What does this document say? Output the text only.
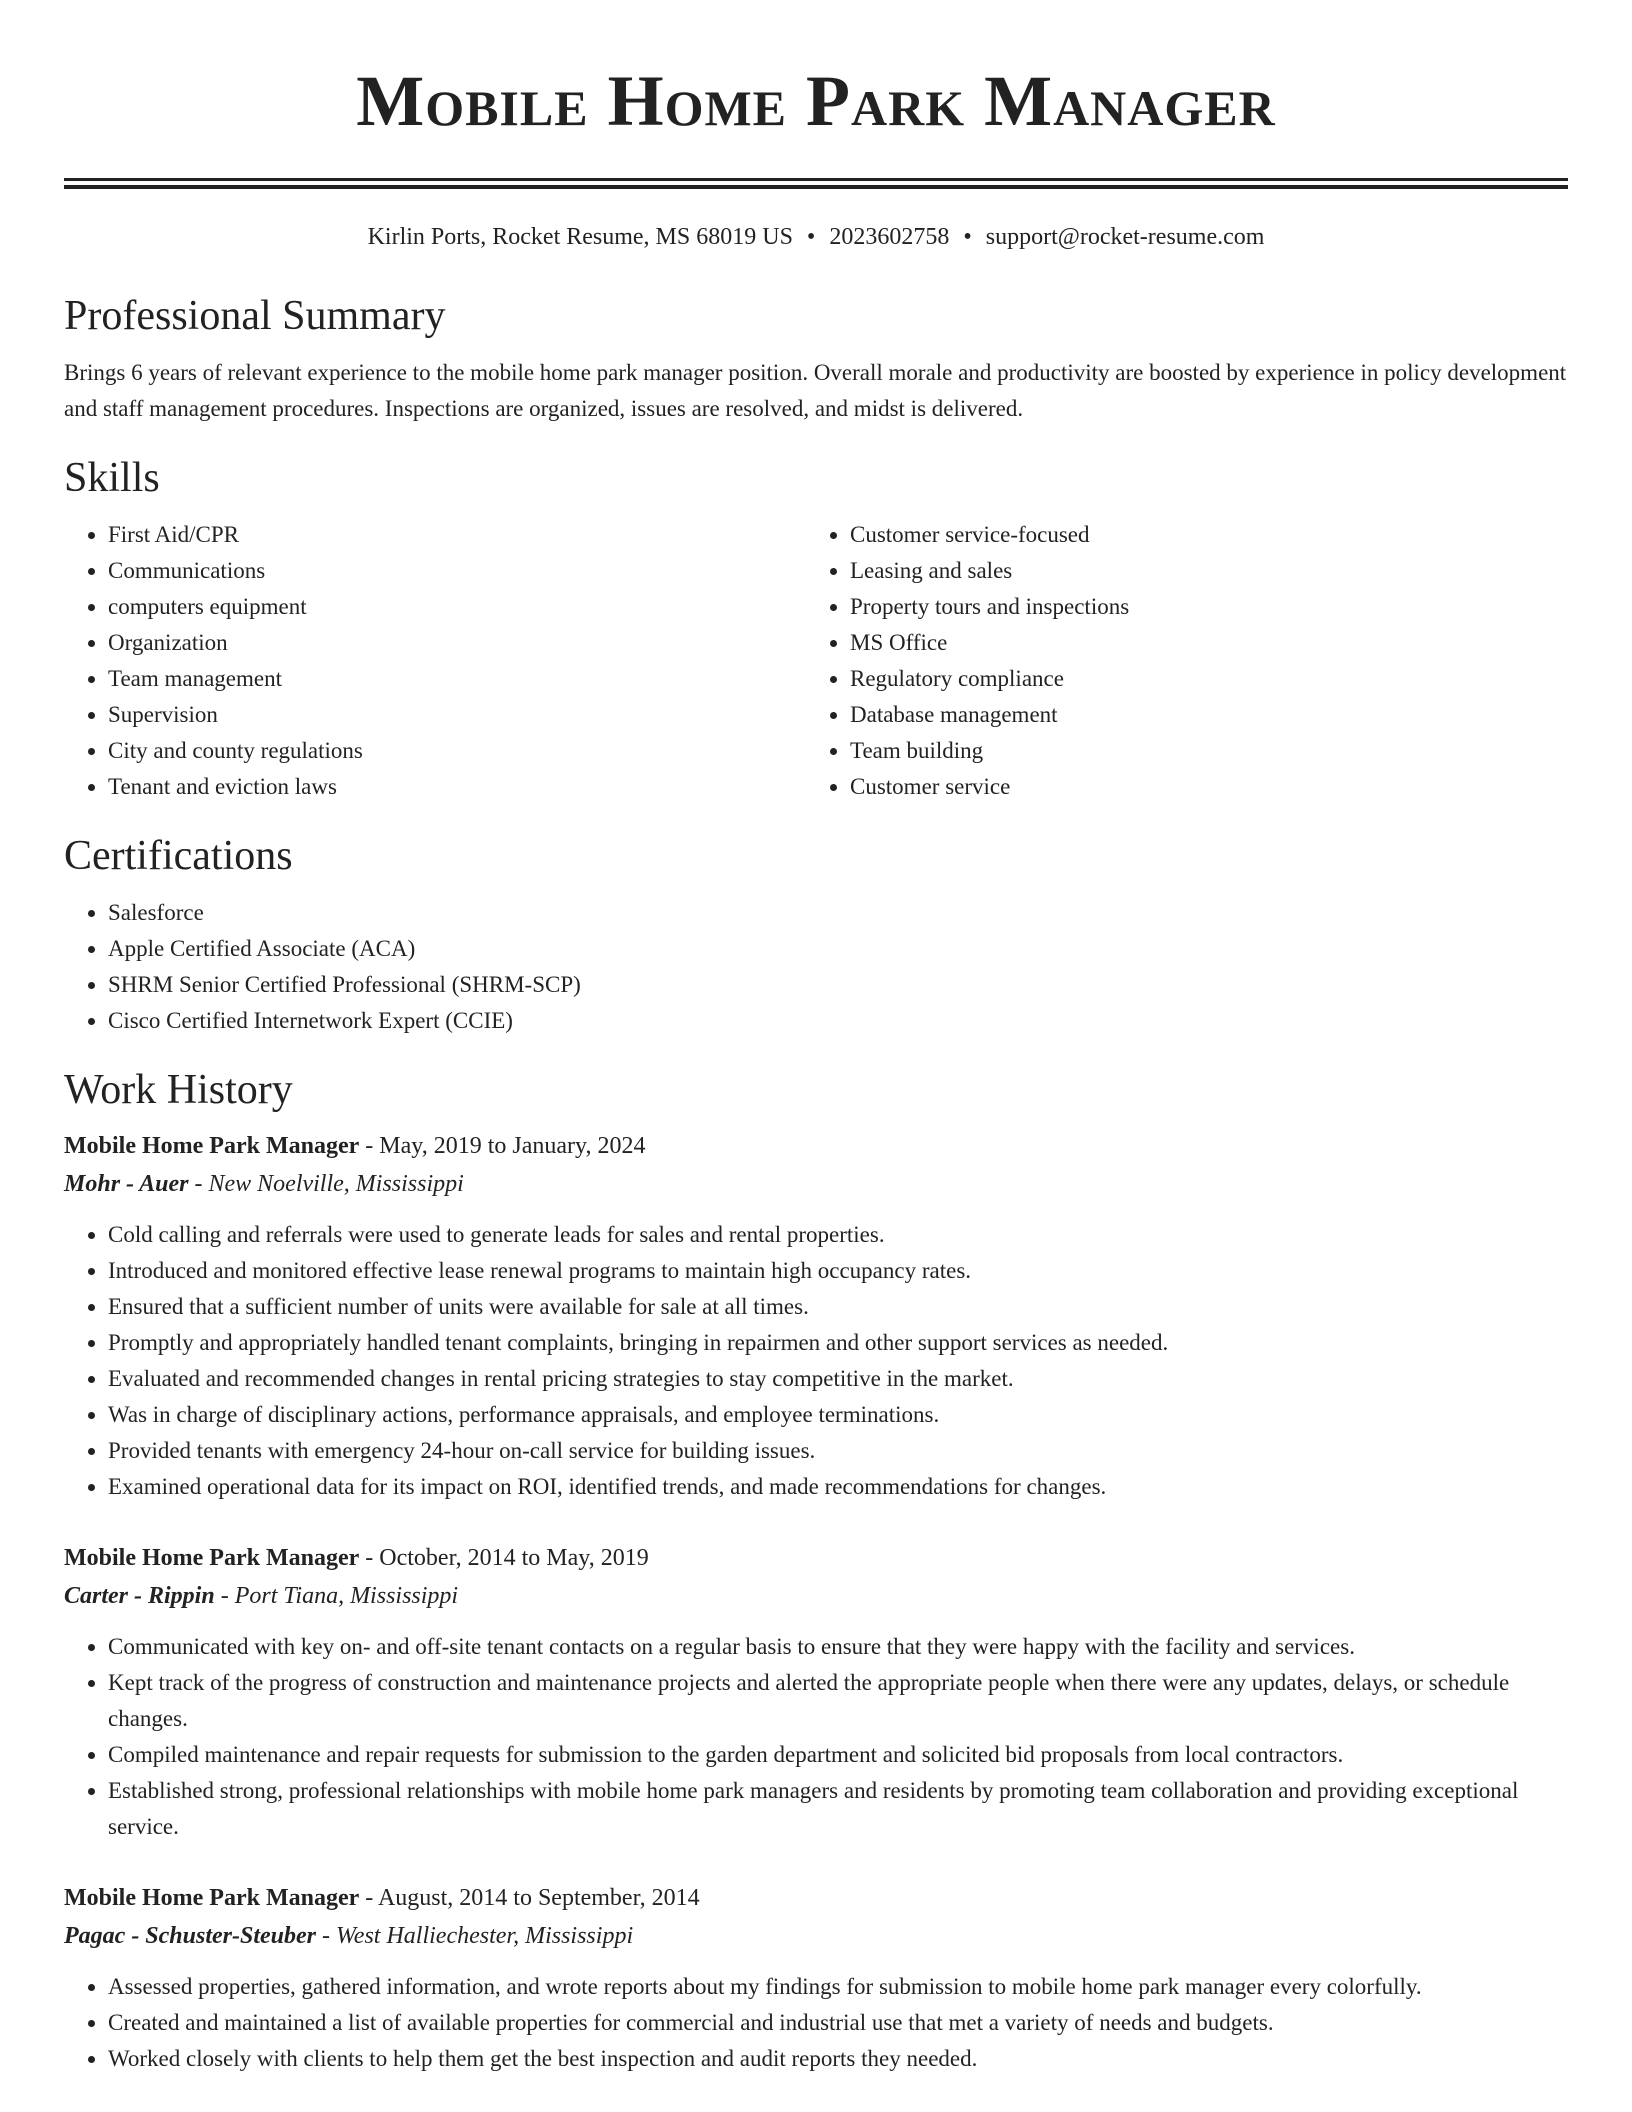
Mobile Home Park Manager
Kirlin Ports, Rocket Resume, MS 68019 US • 2023602758 • support@rocket-resume.com
Professional Summary

Brings 6 years of relevant experience to the mobile home park manager position. Overall morale and productivity are boosted by experience in policy development and staff management procedures. Inspections are organized, issues are resolved, and midst is delivered.

Skills
• First Aid/CPR
• Communications
• computers equipment
• Organization
• Team management
• Supervision
• City and county regulations
• Tenant and eviction laws
• Customer service-focused
• Leasing and sales
• Property tours and inspections
• MS Office
• Regulatory compliance
• Database management
• Team building
• Customer service
Certifications
• Salesforce
• Apple Certified Associate (ACA)
• SHRM Senior Certified Professional (SHRM-SCP)
• Cisco Certified Internetwork Expert (CCIE)
Work History
Mobile Home Park Manager - May, 2019 to January, 2024
Mohr - Auer - New Noelville, Mississippi
• Cold calling and referrals were used to generate leads for sales and rental properties.
• Introduced and monitored effective lease renewal programs to maintain high occupancy rates.
• Ensured that a sufficient number of units were available for sale at all times.
• Promptly and appropriately handled tenant complaints, bringing in repairmen and other support services as needed.
• Evaluated and recommended changes in rental pricing strategies to stay competitive in the market.
• Was in charge of disciplinary actions, performance appraisals, and employee terminations.
• Provided tenants with emergency 24-hour on-call service for building issues.
• Examined operational data for its impact on ROI, identified trends, and made recommendations for changes.
Mobile Home Park Manager - October, 2014 to May, 2019
Carter - Rippin - Port Tiana, Mississippi
• Communicated with key on- and off-site tenant contacts on a regular basis to ensure that they were happy with the facility and services.
• Kept track of the progress of construction and maintenance projects and alerted the appropriate people when there were any updates, delays, or schedule changes.
• Compiled maintenance and repair requests for submission to the garden department and solicited bid proposals from local contractors.
• Established strong, professional relationships with mobile home park managers and residents by promoting team collaboration and providing exceptional service.
Mobile Home Park Manager - August, 2014 to September, 2014
Pagac - Schuster-Steuber - West Halliechester, Mississippi
• Assessed properties, gathered information, and wrote reports about my findings for submission to mobile home park manager every colorfully.
• Created and maintained a list of available properties for commercial and industrial use that met a variety of needs and budgets.
• Worked closely with clients to help them get the best inspection and audit reports they needed.
